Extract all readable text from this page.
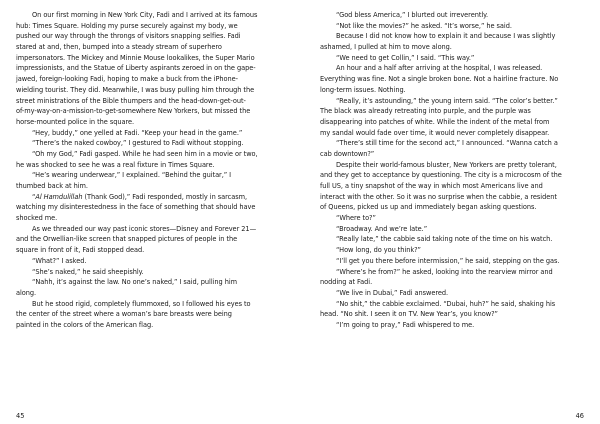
On our first morning in New York City, Fadi and I arrived at its famous
hub: Times Square. Holding my purse securely against my body, we
pushed our way through the throngs of visitors snapping selfies. Fadi
stared at and, then, bumped into a steady stream of superhero
impersonators. The Mickey and Minnie Mouse lookalikes, the Super Mario
impressionists, and the Statue of Liberty aspirants zeroed in on the gape-
jawed, foreign-looking Fadi, hoping to make a buck from the iPhone-
wielding tourist. They did. Meanwhile, I was busy pulling him through the
street ministrations of the Bible thumpers and the head-down-get-out-
of-my-way-on-a-mission-to-get-somewhere New Yorkers, but missed the
horse-mounted police in the square.
“Hey, buddy,” one yelled at Fadi. “Keep your head in the game.”
“There’s the naked cowboy,” I gestured to Fadi without stopping.
“Oh my God,” Fadi gasped. While he had seen him in a movie or two,
he was shocked to see he was a real fixture in Times Square.
“He’s wearing underwear,” I explained. “Behind the guitar,” I
thumbed back at him.
“Al Hamdulillah (Thank God),” Fadi responded, mostly in sarcasm,
watching my disinterestedness in the face of something that should have
shocked me.
As we threaded our way past iconic stores—Disney and Forever 21—
and the Orwellian-like screen that snapped pictures of people in the
square in front of it, Fadi stopped dead.
“What?” I asked.
“She’s naked,” he said sheepishly.
“Nahh, it’s against the law. No one’s naked,” I said, pulling him
along.
But he stood rigid, completely flummoxed, so I followed his eyes to
the center of the street where a woman’s bare breasts were being
painted in the colors of the American flag.
45
“God bless America,” I blurted out irreverently.
“Not like the movies?” he asked. “It’s worse,” he said.
Because I did not know how to explain it and because I was slightly
ashamed, I pulled at him to move along.
“We need to get Collin,” I said. “This way.”
An hour and a half after arriving at the hospital, I was released.
Everything was fine. Not a single broken bone. Not a hairline fracture. No
long-term issues. Nothing.
“Really, it’s astounding,” the young intern said. “The color’s better.”
The black was already retreating into purple, and the purple was
disappearing into patches of white. While the indent of the metal from
my sandal would fade over time, it would never completely disappear.
“There’s still time for the second act,” I announced. “Wanna catch a
cab downtown?”
Despite their world-famous bluster, New Yorkers are pretty tolerant,
and they get to acceptance by questioning. The city is a microcosm of the
full US, a tiny snapshot of the way in which most Americans live and
interact with the other. So it was no surprise when the cabbie, a resident
of Queens, picked us up and immediately began asking questions.
“Where to?”
“Broadway. And we’re late.”
“Really late,” the cabbie said taking note of the time on his watch.
“How long, do you think?”
“I’ll get you there before intermission,” he said, stepping on the gas.
“Where’s he from?” he asked, looking into the rearview mirror and
nodding at Fadi.
“We live in Dubai,” Fadi answered.
“No shit,” the cabbie exclaimed. “Dubai, huh?” he said, shaking his
head. “No shit. I seen it on TV. New Year’s, you know?”
“I’m going to pray,” Fadi whispered to me.
46
